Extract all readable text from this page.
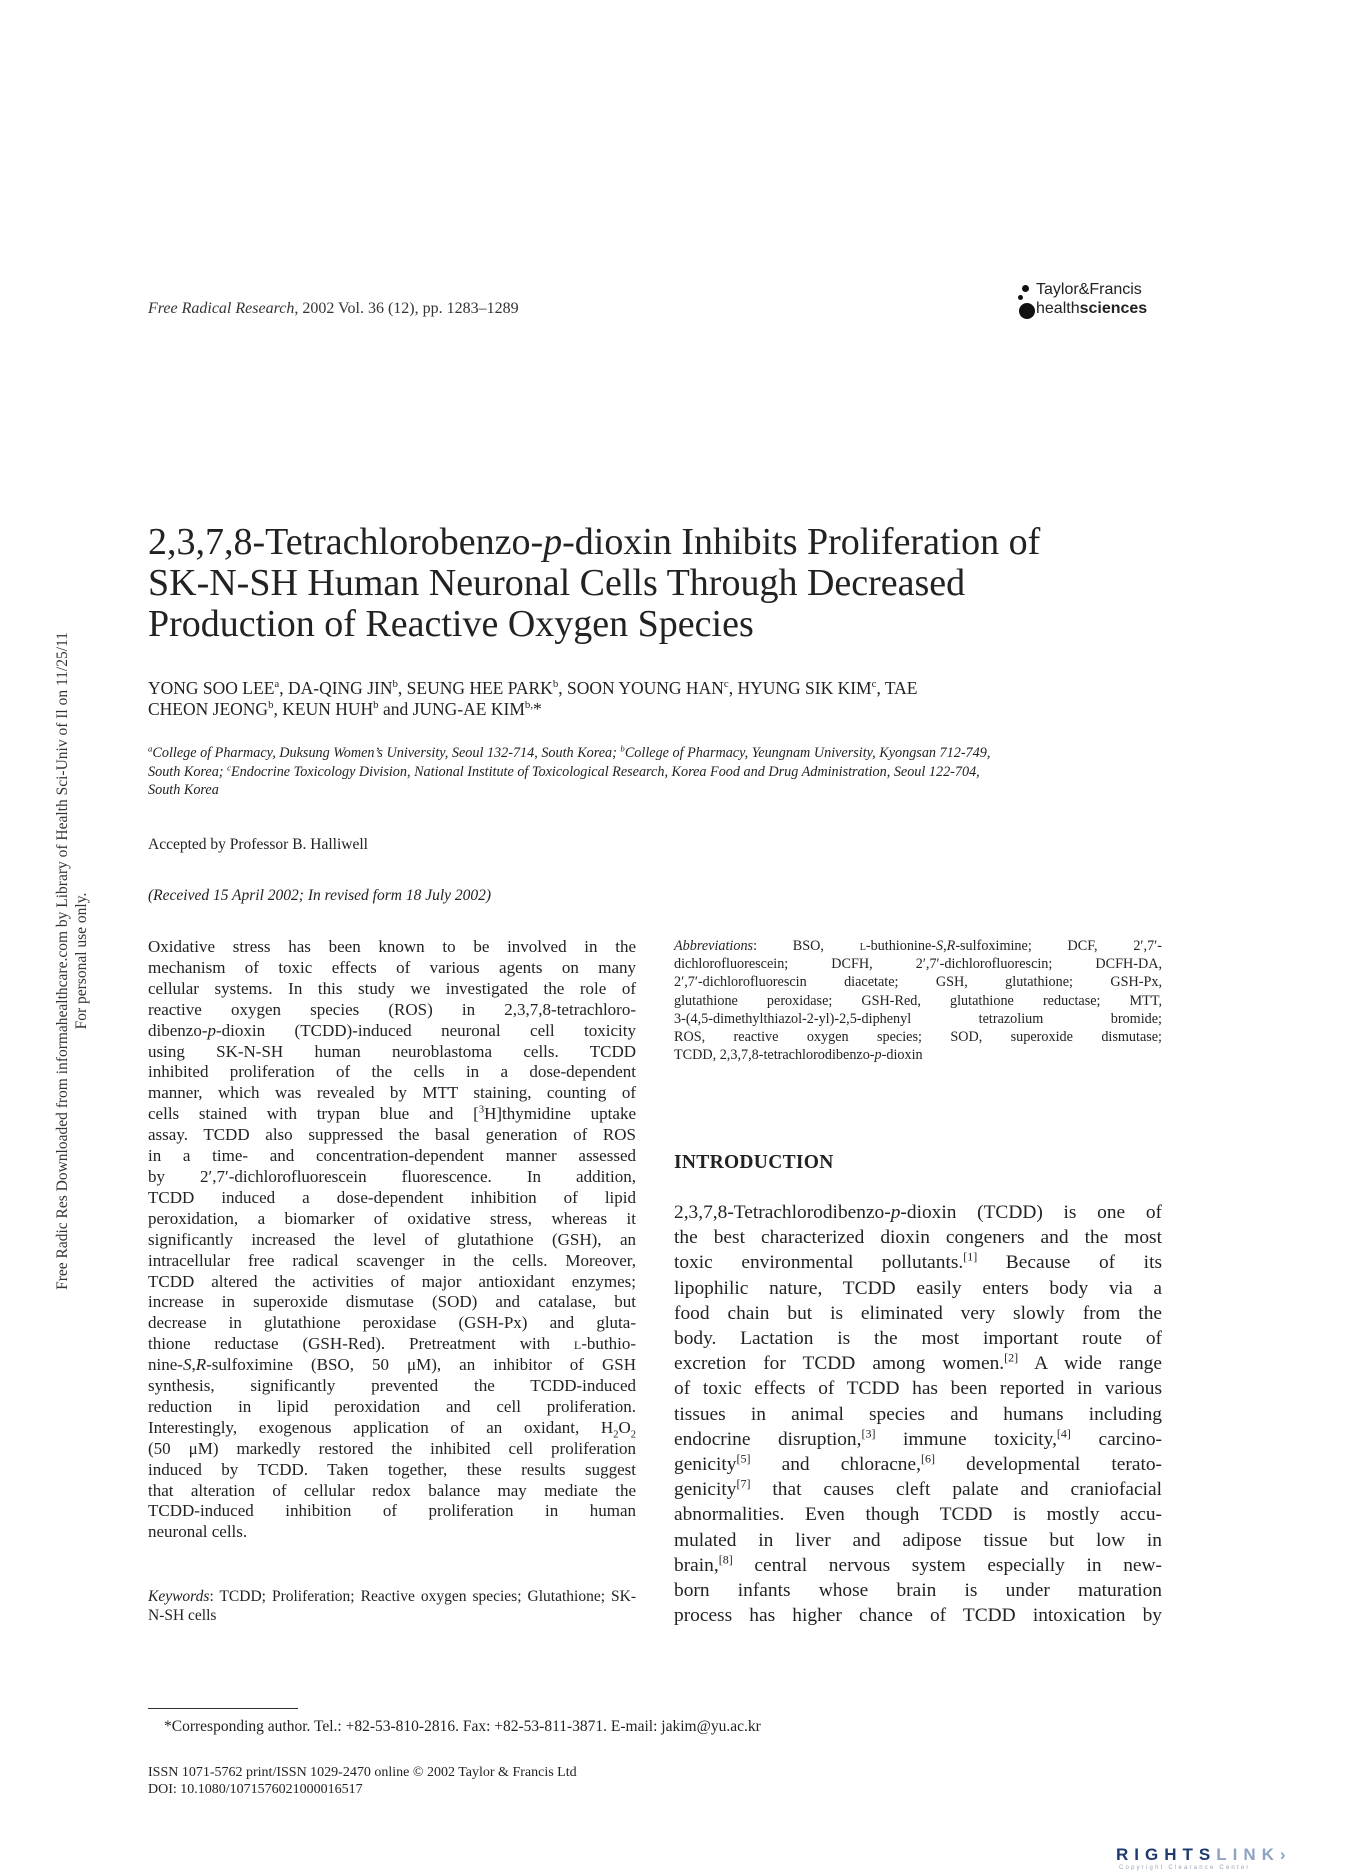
Free Radic Res Downloaded from informahealthcare.com by Library of Health Sci-Univ of Il on 11/25/11 For personal use only.
Free Radical Research, 2002 Vol. 36 (12), pp. 1283–1289
Taylor&Francis
healthsciences
2,3,7,8-Tetrachlorobenzo-p-dioxin Inhibits Proliferation of
SK-N-SH Human Neuronal Cells Through Decreased
Production of Reactive Oxygen Species
YONG SOO LEE$^a$, DA-QING JIN$^b$, SEUNG HEE PARK$^b$, SOON YOUNG HAN$^c$, HYUNG SIK KIM$^c$, TAE
CHEON JEONG$^b$, KEUN HUH$^b$ and JUNG-AE $KIM^{b,}*$
$^a$College of Pharmacy, Duksung Women’s University, Seoul 132-714, South Korea; $^b$College of Pharmacy, Yeungnam University, Kyongsan 712-749,
South Korea; $^c$Endocrine Toxicology Division, National Institute of Toxicological Research, Korea Food and Drug Administration, Seoul 122-704,
South Korea
Accepted by Professor B. Halliwell
(Received 15 April 2002; In revised form 18 July 2002)
Oxidative stress has been known to be involved in the
mechanism of toxic effects of various agents on many
cellular systems. In this study we investigated the role of
reactive oxygen species (ROS) in 2,3,7,8-tetrachloro-
dibenzo-p-dioxin (TCDD)-induced neuronal cell toxicity
using SK-N-SH human neuroblastoma cells. TCDD
inhibited proliferation of the cells in a dose-dependent
manner, which was revealed by MTT staining, counting of
cells stained with trypan blue and [$^3$H]thymidine uptake
assay. TCDD also suppressed the basal generation of ROS
in a time- and concentration-dependent manner assessed
by 2′,7′-dichlorofluorescein fluorescence. In addition,
TCDD induced a dose-dependent inhibition of lipid
peroxidation, a biomarker of oxidative stress, whereas it
significantly increased the level of glutathione (GSH), an
intracellular free radical scavenger in the cells. Moreover,
TCDD altered the activities of major antioxidant enzymes;
increase in superoxide dismutase (SOD) and catalase, but
decrease in glutathione peroxidase (GSH-Px) and gluta-
thione reductase (GSH-Red). Pretreatment with l-buthio-
nine-S,R-sulfoximine (BSO, 50 μM), an inhibitor of GSH
synthesis, significantly prevented the TCDD-induced
reduction in lipid peroxidation and cell proliferation.
Interestingly, exogenous application of an oxidant, $H_2O_2$
(50 μM) markedly restored the inhibited cell proliferation
induced by TCDD. Taken together, these results suggest
that alteration of cellular redox balance may mediate the
TCDD-induced inhibition of proliferation in human
neuronal cells.
Keywords: TCDD; Proliferation; Reactive oxygen species; Glutathione; SK-N-SH cells
Abbreviations: BSO, l-buthionine-S,R-sulfoximine; DCF, 2′,7′-
dichlorofluorescein; DCFH, 2′,7′-dichlorofluorescin; DCFH-DA,
2′,7′-dichlorofluorescin diacetate; GSH, glutathione; GSH-Px,
glutathione peroxidase; GSH-Red, glutathione reductase; MTT,
3-(4,5-dimethylthiazol-2-yl)-2,5-diphenyl tetrazolium bromide;
ROS, reactive oxygen species; SOD, superoxide dismutase;
TCDD, 2,3,7,8-tetrachlorodibenzo-p-dioxin
INTRODUCTION
2,3,7,8-Tetrachlorodibenzo-p-dioxin (TCDD) is one of
the best characterized dioxin congeners and the most
toxic environmental pollutants.[1] Because of its
lipophilic nature, TCDD easily enters body via a
food chain but is eliminated very slowly from the
body. Lactation is the most important route of
excretion for TCDD among women.[2] A wide range
of toxic effects of TCDD has been reported in various
tissues in animal species and humans including
endocrine disruption,[3] immune toxicity,[4] carcino-
genicity[5] and chloracne,[6] developmental terato-
genicity[7] that causes cleft palate and craniofacial
abnormalities. Even though TCDD is mostly accu-
mulated in liver and adipose tissue but low in
brain,[8] central nervous system especially in new-
born infants whose brain is under maturation
process has higher chance of TCDD intoxication by
*Corresponding author. Tel.: +82-53-810-2816. Fax: +82-53-811-3871. E-mail: jakim@yu.ac.kr
ISSN 1071-5762 print/ISSN 1029-2470 online © 2002 Taylor & Francis Ltd
DOI: 10.1080/1071576021000016517
RIGHTSLINK›
Copyright Clearance Center
